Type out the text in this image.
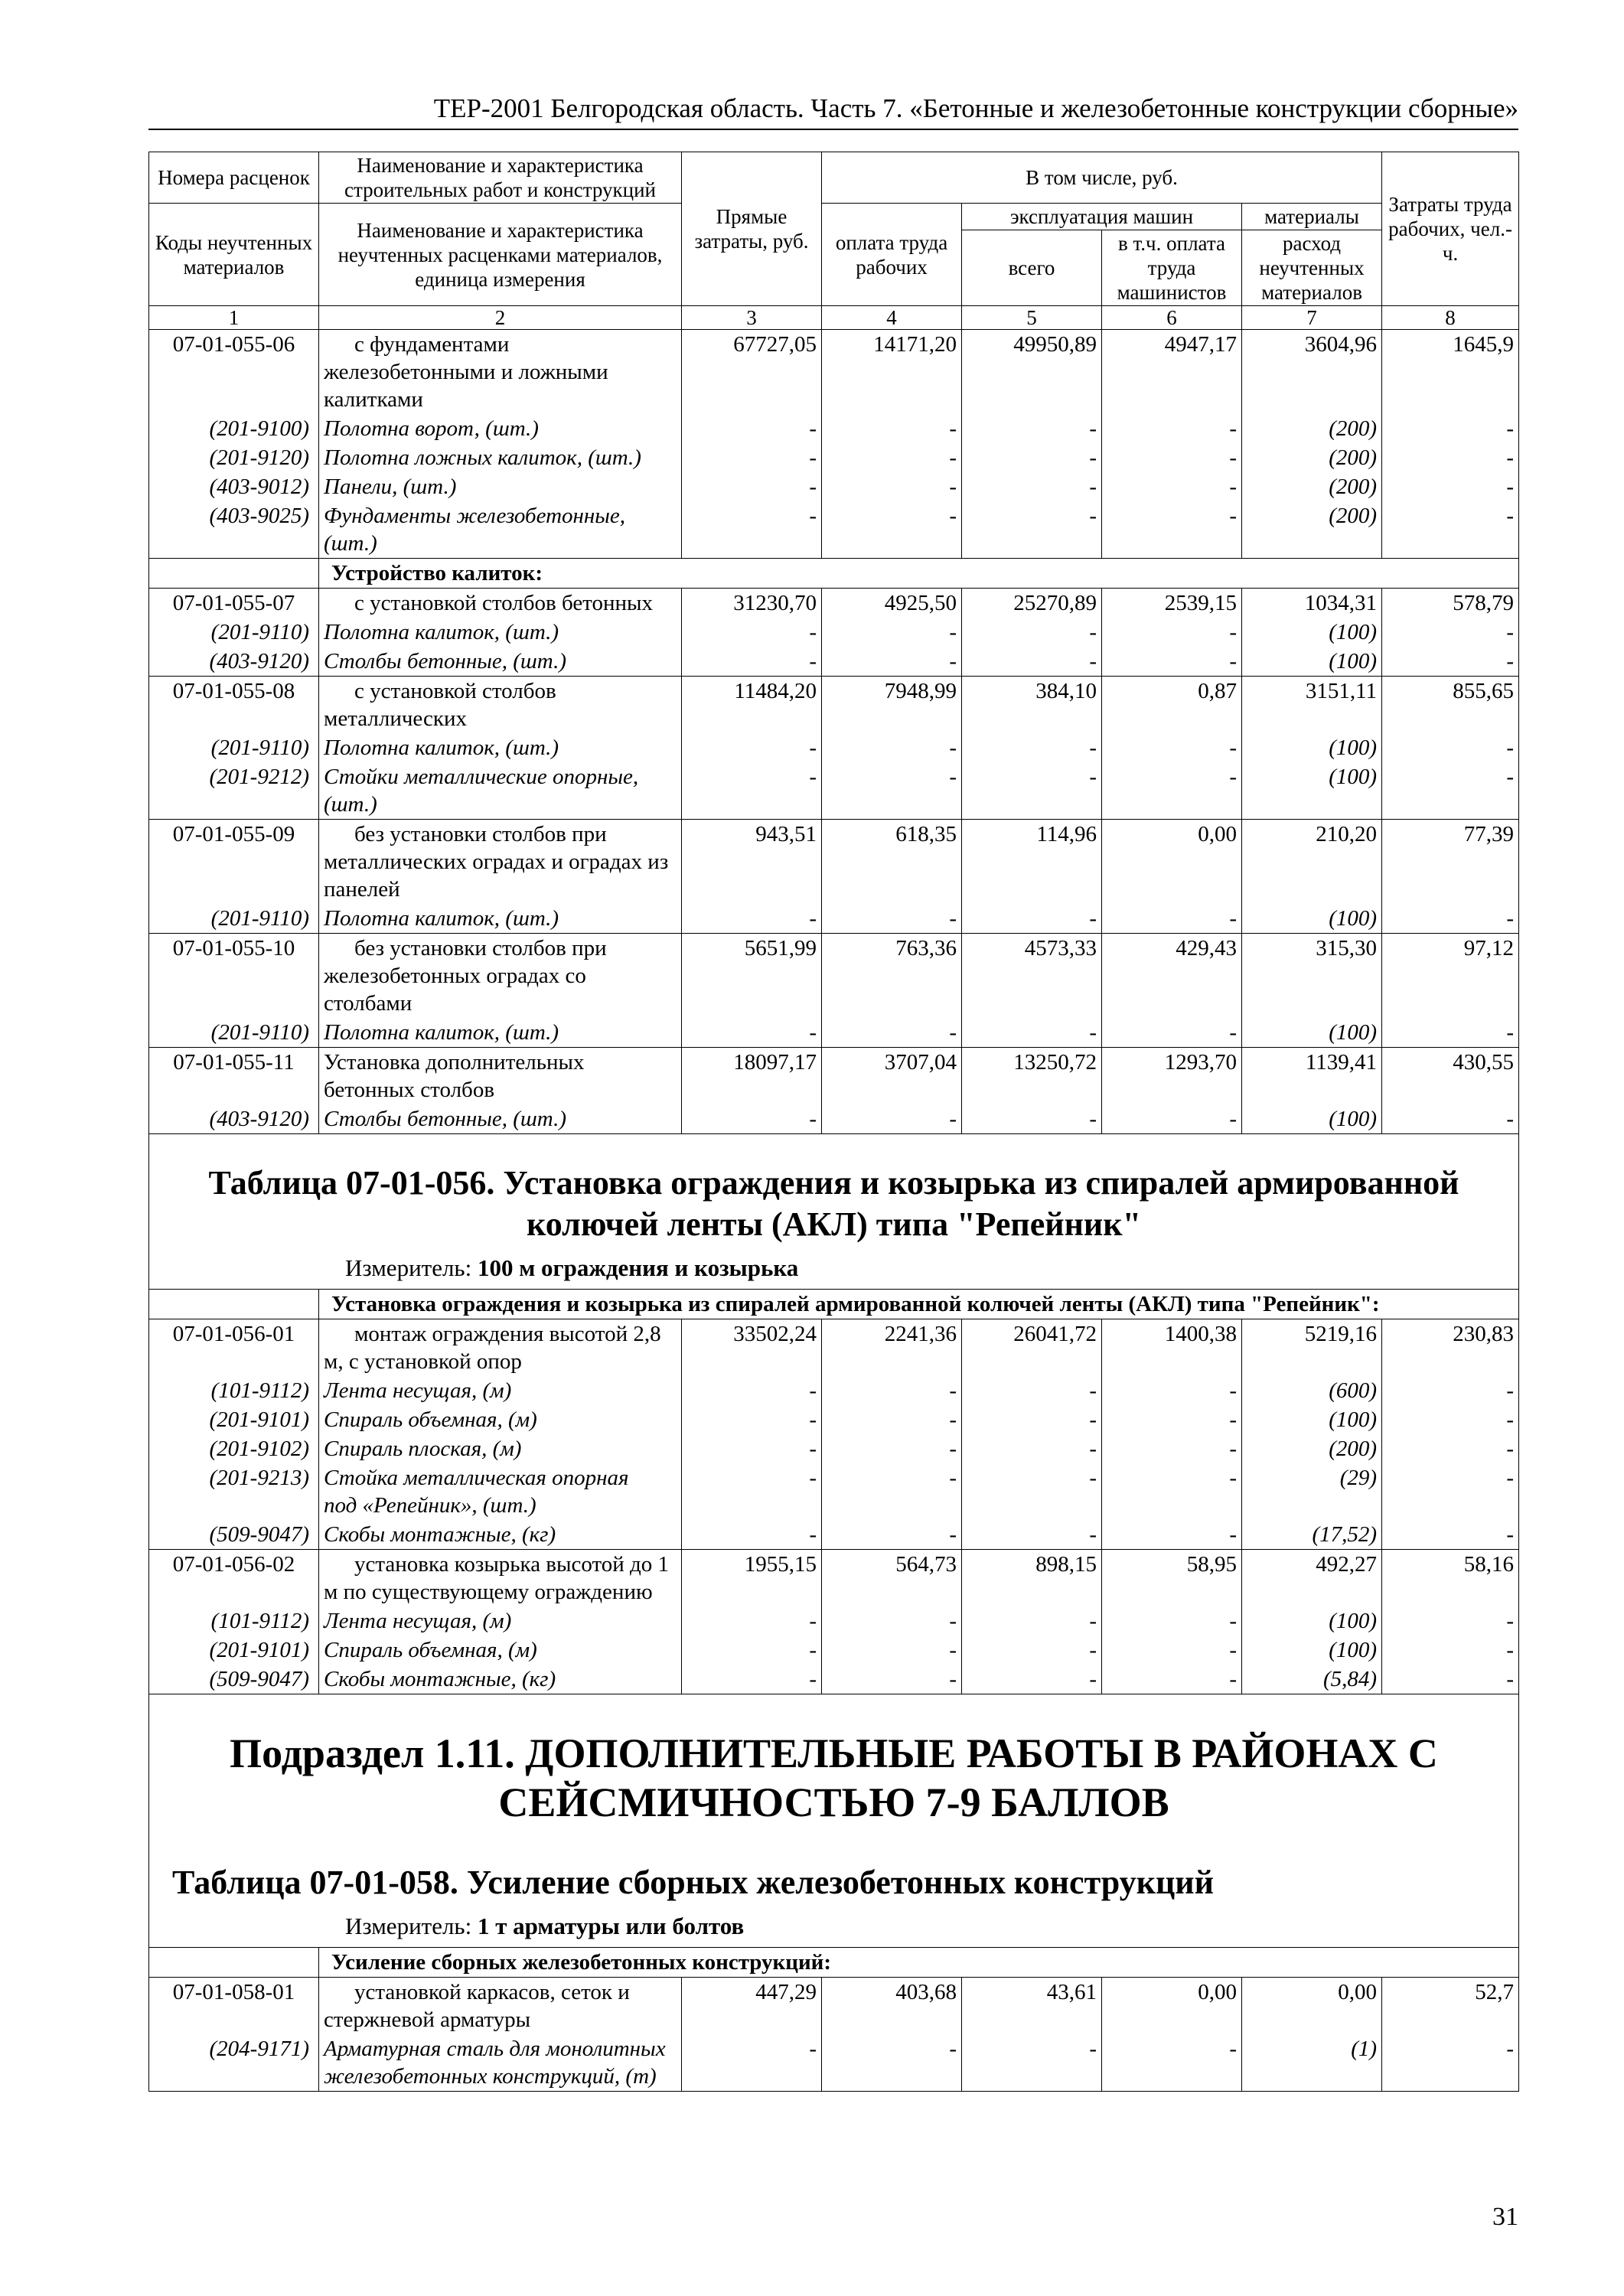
ТЕР-2001 Белгородская область. Часть 7. «Бетонные и железобетонные конструкции сборные»
Номера расценок	Наименование и характеристика строительных работ и конструкций	Прямые затраты, руб.	В том числе, руб.				Затраты труда рабочих, чел.-ч.
Коды неучтенных материалов	Наименование и характеристика неучтенных расценками материалов, единица измерения		оплата труда рабочих	эксплуатация машин		материалы	
				всего	в т.ч. оплата труда машинистов	расход неучтенных материалов	
1	2	3	4	5	6	7	8
07-01-055-06	с фундаментами железобетонными и ложными калитками	67727,05	14171,20	49950,89	4947,17	3604,96	1645,9
(201-9100)	Полотна ворот, (шт.)	-	-	-	-	(200)	-
(201-9120)	Полотна ложных калиток, (шт.)	-	-	-	-	(200)	-
(403-9012)	Панели, (шт.)	-	-	-	-	(200)	-
(403-9025)	Фундаменты железобетонные,
(шт.)	-	-	-	-	(200)	-
	Устройство калиток:						
07-01-055-07	с установкой столбов бетонных	31230,70	4925,50	25270,89	2539,15	1034,31	578,79
(201-9110)	Полотна калиток, (шт.)	-	-	-	-	(100)	-
(403-9120)	Столбы бетонные, (шт.)	-	-	-	-	(100)	-
07-01-055-08	с установкой столбов металлических	11484,20	7948,99	384,10	0,87	3151,11	855,65
(201-9110)	Полотна калиток, (шт.)	-	-	-	-	(100)	-
(201-9212)	Стойки металлические опорные,
(шт.)	-	-	-	-	(100)	-
07-01-055-09	без установки столбов при металлических оградах и оградах из панелей	943,51	618,35	114,96	0,00	210,20	77,39
(201-9110)	Полотна калиток, (шт.)	-	-	-	-	(100)	-
07-01-055-10	без установки столбов при железобетонных оградах со столбами	5651,99	763,36	4573,33	429,43	315,30	97,12
(201-9110)	Полотна калиток, (шт.)	-	-	-	-	(100)	-
07-01-055-11	Установка дополнительных бетонных столбов	18097,17	3707,04	13250,72	1293,70	1139,41	430,55
(403-9120)	Столбы бетонные, (шт.)	-	-	-	-	(100)	-

Таблица 07-01-056. Установка ограждения и козырька из спиралей армированной колючей ленты (АКЛ) типа "Репейник"
Измеритель: 100 м ограждения и козырька							

	Установка ограждения и козырька из спиралей армированной колючей ленты (АКЛ) типа "Репейник":						
07-01-056-01	монтаж ограждения высотой 2,8 м, с установкой опор	33502,24	2241,36	26041,72	1400,38	5219,16	230,83
(101-9112)	Лента несущая, (м)	-	-	-	-	(600)	-
(201-9101)	Спираль объемная, (м)	-	-	-	-	(100)	-
(201-9102)	Спираль плоская, (м)	-	-	-	-	(200)	-
(201-9213)	Стойка металлическая опорная
под «Репейник», (шт.)	-	-	-	-	(29)	-
(509-9047)	Скобы монтажные, (кг)	-	-	-	-	(17,52)	-
07-01-056-02	установка козырька высотой до 1 м по существующему ограждению	1955,15	564,73	898,15	58,95	492,27	58,16
(101-9112)	Лента несущая, (м)	-	-	-	-	(100)	-
(201-9101)	Спираль объемная, (м)	-	-	-	-	(100)	-
(509-9047)	Скобы монтажные, (кг)	-	-	-	-	(5,84)	-

Подраздел 1.11. ДОПОЛНИТЕЛЬНЫЕ РАБОТЫ В РАЙОНАХ С СЕЙСМИЧНОСТЬЮ 7-9 БАЛЛОВ
Таблица 07-01-058. Усиление сборных железобетонных конструкций
Измеритель: 1 т арматуры или болтов							

	Усиление сборных железобетонных конструкций:						
07-01-058-01	установкой каркасов, сеток и стержневой арматуры	447,29	403,68	43,61	0,00	0,00	52,7
(204-9171)	Арматурная сталь для монолитных железобетонных конструкций, (т)	-	-	-	-	(1)	-
31
